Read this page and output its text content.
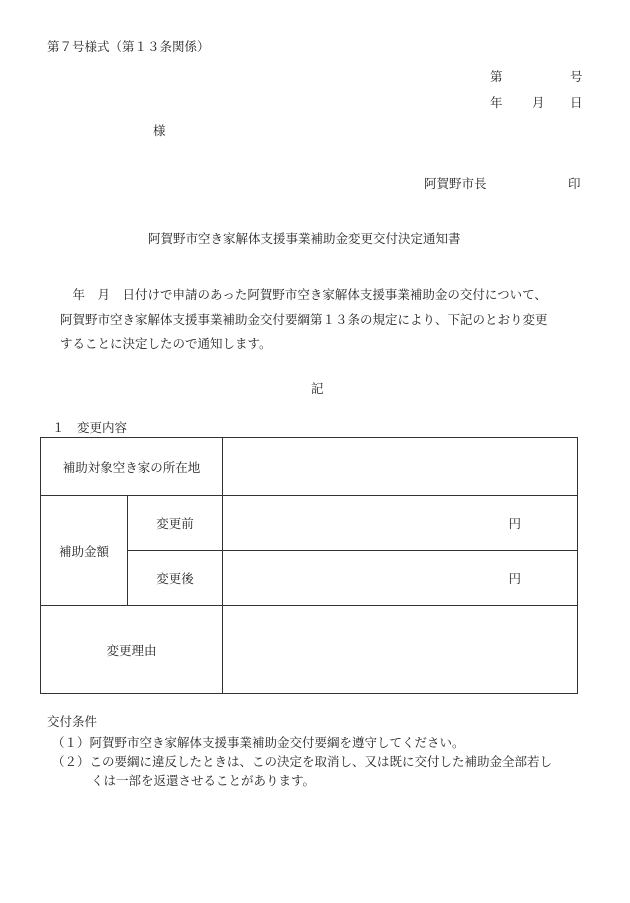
第７号様式（第１３条関係）
第	号
年 月 日
様
阿賀野市長	印
阿賀野市空き家解体支援事業補助金変更交付決定通知書
　年　月　日付けで申請のあった阿賀野市空き家解体支援事業補助金の交付について、
阿賀野市空き家解体支援事業補助金交付要綱第１３条の規定により、下記のとおり変更
することに決定したので通知します。
記
１　変更内容
補助対象空き家の所在地		
補助金額	変更前	円
	変更後	円
変更理由		
交付条件
（１）阿賀野市空き家解体支援事業補助金交付要綱を遵守してください。
（２）この要綱に違反したときは、この決定を取消し、又は既に交付した補助金全部若し
くは一部を返還させることがあります。
